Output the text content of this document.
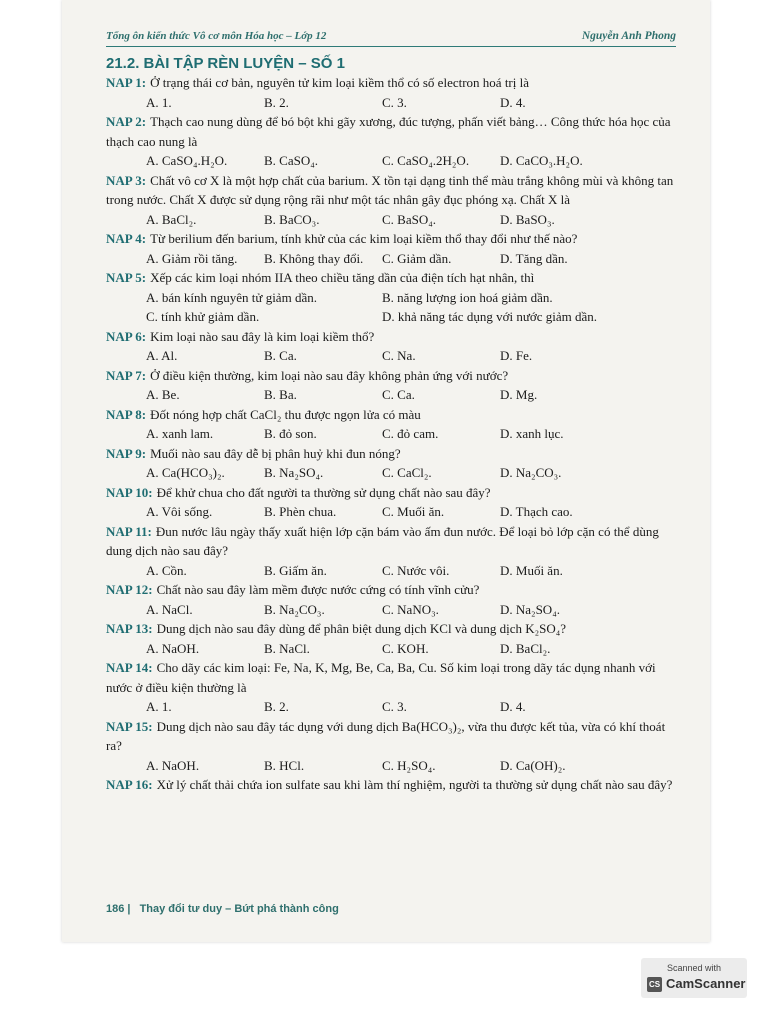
Tổng ôn kiến thức Vô cơ môn Hóa học – Lớp 12	Nguyễn Anh Phong
21.2. BÀI TẬP RÈN LUYỆN – SỐ 1

NAP 1: Ở trạng thái cơ bản, nguyên tử kim loại kiềm thổ có số electron hoá trị là

A. 1.	B. 2.	C. 3.	D. 4.

NAP 2: Thạch cao nung dùng để bó bột khi gãy xương, đúc tượng, phấn viết bảng… Công thức hóa học của thạch cao nung là

A. CaSO₄.H₂O.	B. CaSO₄.	C. CaSO₄.2H₂O.	D. CaCO₃.H₂O.

NAP 3: Chất vô cơ X là một hợp chất của barium. X tồn tại dạng tinh thể màu trắng không mùi và không tan trong nước. Chất X được sử dụng rộng rãi như một tác nhân gây đục phóng xạ. Chất X là

A. BaCl₂.	B. BaCO₃.	C. BaSO₄.	D. BaSO₃.

NAP 4: Từ berilium đến barium, tính khử của các kim loại kiềm thổ thay đổi như thế nào?

A. Giảm rồi tăng.	B. Không thay đổi.	C. Giảm dần.	D. Tăng dần.

NAP 5: Xếp các kim loại nhóm IIA theo chiều tăng dần của điện tích hạt nhân, thì

A. bán kính nguyên tử giảm dần.	B. năng lượng ion hoá giảm dần.
C. tính khử giảm dần.	D. khả năng tác dụng với nước giảm dần.

NAP 6: Kim loại nào sau đây là kim loại kiềm thổ?

A. Al.	B. Ca.	C. Na.	D. Fe.

NAP 7: Ở điều kiện thường, kim loại nào sau đây không phản ứng với nước?

A. Be.	B. Ba.	C. Ca.	D. Mg.

NAP 8: Đốt nóng hợp chất CaCl₂ thu được ngọn lửa có màu

A. xanh lam.	B. đỏ son.	C. đỏ cam.	D. xanh lục.

NAP 9: Muối nào sau đây dễ bị phân huỷ khi đun nóng?

A. Ca(HCO₃)₂.	B. Na₂SO₄.	C. CaCl₂.	D. Na₂CO₃.

NAP 10: Để khử chua cho đất người ta thường sử dụng chất nào sau đây?

A. Vôi sống.	B. Phèn chua.	C. Muối ăn.	D. Thạch cao.

NAP 11: Đun nước lâu ngày thấy xuất hiện lớp cặn bám vào ấm đun nước. Để loại bỏ lớp cặn có thể dùng dung dịch nào sau đây?

A. Cồn.	B. Giấm ăn.	C. Nước vôi.	D. Muối ăn.

NAP 12: Chất nào sau đây làm mềm được nước cứng có tính vĩnh cửu?

A. NaCl.	B. Na₂CO₃.	C. NaNO₃.	D. Na₂SO₄.

NAP 13: Dung dịch nào sau đây dùng để phân biệt dung dịch KCl và dung dịch K₂SO₄?

A. NaOH.	B. NaCl.	C. KOH.	D. BaCl₂.

NAP 14: Cho dãy các kim loại: Fe, Na, K, Mg, Be, Ca, Ba, Cu. Số kim loại trong dãy tác dụng nhanh với nước ở điều kiện thường là

A. 1.	B. 2.	C. 3.	D. 4.

NAP 15: Dung dịch nào sau đây tác dụng với dung dịch Ba(HCO₃)₂, vừa thu được kết tủa, vừa có khí thoát ra?

A. NaOH.	B. HCl.	C. H₂SO₄.	D. Ca(OH)₂.

NAP 16: Xử lý chất thải chứa ion sulfate sau khi làm thí nghiệm, người ta thường sử dụng chất nào sau đây?

186 | Thay đổi tư duy – Bứt phá thành công
Scanned with
CS CamScanner
